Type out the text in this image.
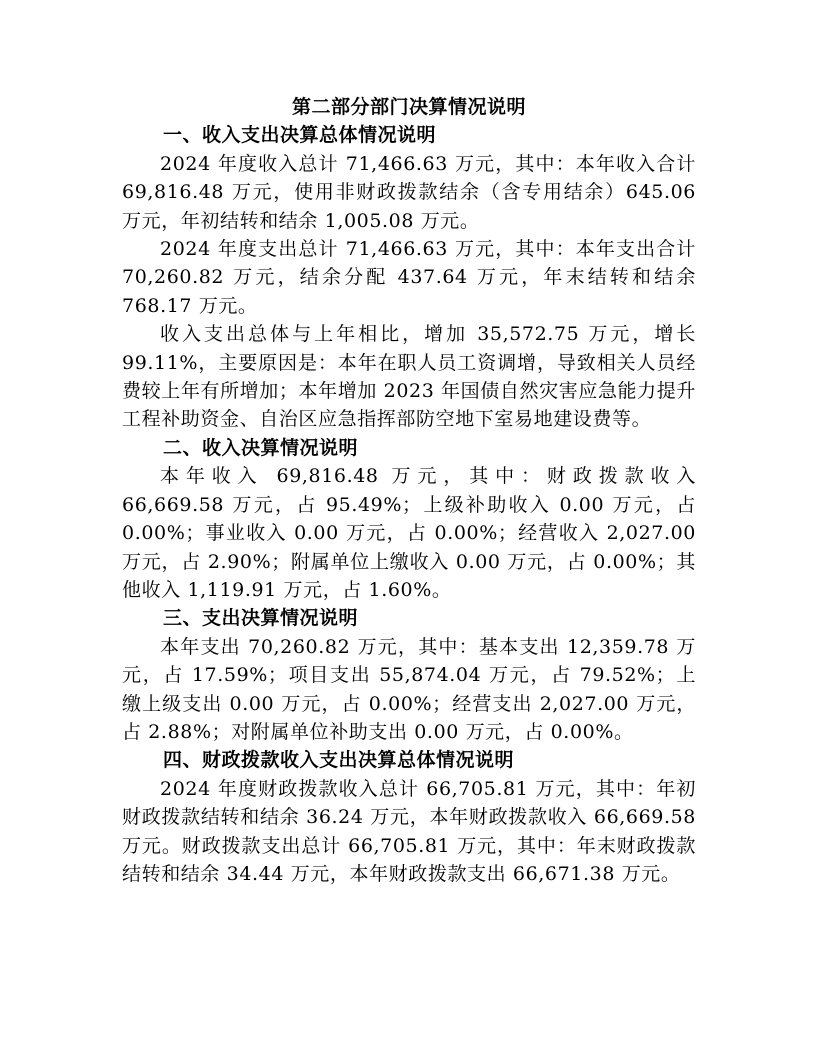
第二部分部门决算情况说明
一、收入支出决算总体情况说明

2024 年度收入总计 71,466.63 万元，其中：本年收入合计 69,816.48 万元，使用非财政拨款结余（含专用结余）645.06 万元，年初结转和结余 1,005.08 万元。

2024 年度支出总计 71,466.63 万元，其中：本年支出合计 70,260.82 万元，结余分配 437.64 万元，年末结转和结余 768.17 万元。

收入支出总体与上年相比，增加 35,572.75 万元，增长 99.11%，主要原因是：本年在职人员工资调增，导致相关人员经费较上年有所增加；本年增加 2023 年国债自然灾害应急能力提升工程补助资金、自治区应急指挥部防空地下室易地建设费等。

二、收入决算情况说明

本年收入 69,816.48 万元，其中：财政拨款收入 66,669.58 万元，占 95.49%；上级补助收入 0.00 万元，占 0.00%；事业收入 0.00 万元，占 0.00%；经营收入 2,027.00 万元，占 2.90%；附属单位上缴收入 0.00 万元，占 0.00%；其他收入 1,119.91 万元，占 1.60%。

三、支出决算情况说明

本年支出 70,260.82 万元，其中：基本支出 12,359.78 万元，占 17.59%；项目支出 55,874.04 万元，占 79.52%；上缴上级支出 0.00 万元，占 0.00%；经营支出 2,027.00 万元，占 2.88%；对附属单位补助支出 0.00 万元，占 0.00%。

四、财政拨款收入支出决算总体情况说明

2024 年度财政拨款收入总计 66,705.81 万元，其中：年初财政拨款结转和结余 36.24 万元，本年财政拨款收入 66,669.58 万元。财政拨款支出总计 66,705.81 万元，其中：年末财政拨款结转和结余 34.44 万元，本年财政拨款支出 66,671.38 万元。
